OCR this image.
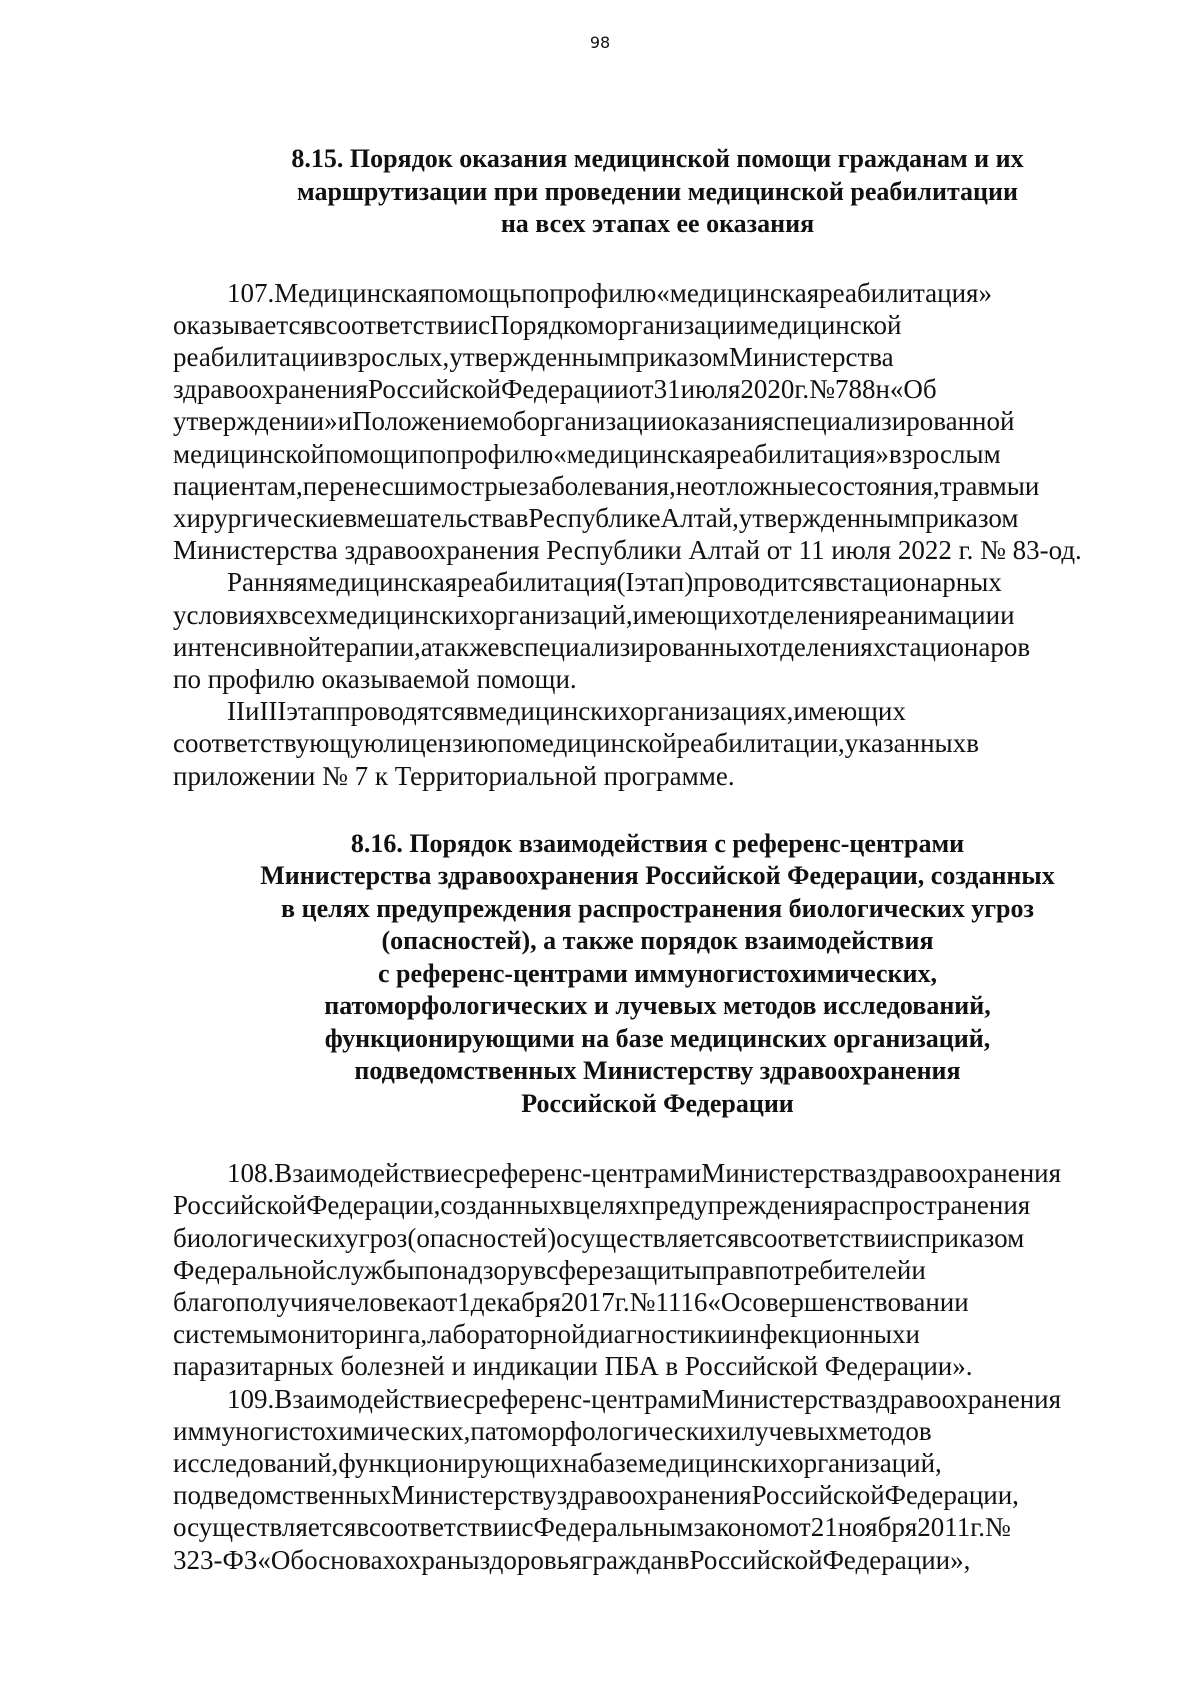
98
8.15. Порядок оказания медицинской помощи гражданам и их
маршрутизации при проведении медицинской реабилитации
на всех этапах ее оказания
107.Медицинскаяпомощьпопрофилю«медицинскаяреабилитация»
оказываетсявсоответствиисПорядкоморганизациимедицинской
реабилитациивзрослых,утвержденнымприказомМинистерства
здравоохраненияРоссийскойФедерацииот31июля2020г.№788н«Об
утверждении»иПоложениемоборганизацииоказанияспециализированной
медицинскойпомощипопрофилю«медицинскаяреабилитация»взрослым
пациентам,перенесшимострыезаболевания,неотложныесостояния,травмыи
хирургическиевмешательствавРеспубликеАлтай,утвержденнымприказом
Министерства здравоохранения Республики Алтай от 11 июля 2022 г. № 83-од.
Ранняямедицинскаяреабилитация(Iэтап)проводитсявстационарных
условияхвсехмедицинскихорганизаций,имеющихотделенияреанимациии
интенсивнойтерапии,атакжевспециализированныхотделенияхстационаров
по профилю оказываемой помощи.
IIиIIIэтаппроводятсявмедицинскихорганизациях,имеющих
соответствующуюлицензиюпомедицинскойреабилитации,указанныхв
приложении № 7 к Территориальной программе.
8.16. Порядок взаимодействия с референс-центрами
Министерства здравоохранения Российской Федерации, созданных
в целях предупреждения распространения биологических угроз
(опасностей), а также порядок взаимодействия
с референс-центрами иммуногистохимических,
патоморфологических и лучевых методов исследований,
функционирующими на базе медицинских организаций,
подведомственных Министерству здравоохранения
Российской Федерации
108.Взаимодействиесреференс-центрамиМинистерстваздравоохранения
РоссийскойФедерации,созданныхвцеляхпредупрежденияраспространения
биологическихугроз(опасностей)осуществляетсявсоответствиисприказом
Федеральнойслужбыпонадзорувсферезащитыправпотребителейи
благополучиячеловекаот1декабря2017г.№1116«Осовершенствовании
системымониторинга,лабораторнойдиагностикиинфекционныхи
паразитарных болезней и индикации ПБА в Российской Федерации».
109.Взаимодействиесреференс-центрамиМинистерстваздравоохранения
иммуногистохимических,патоморфологическихилучевыхметодов
исследований,функционирующихнабаземедицинскихорганизаций,
подведомственныхМинистерствуздравоохраненияРоссийскойФедерации,
осуществляетсявсоответствиисФедеральнымзакономот21ноября2011г.№
323-ФЗ«ОбосновахохраныздоровьягражданвРоссийскойФедерации»,
